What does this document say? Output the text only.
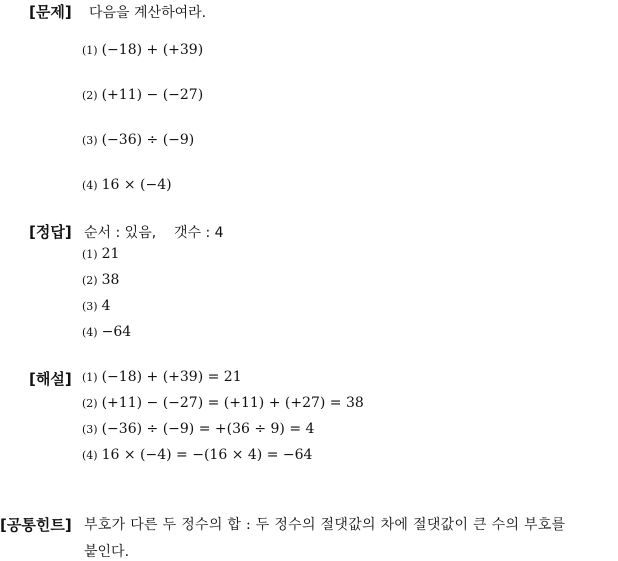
[문제] 다음을 계산하여라.
(1) (−18) + (+39)
(2) (+11) − (−27)
(3) (−36) ÷ (−9)
(4) 16 × (−4)
[정답] 순서 : 있음,    갯수 : 4
(1) 21
(2) 38
(3) 4
(4) −64
[해설] (1) (−18) + (+39) = 21
(2) (+11) − (−27) = (+11) + (+27) = 38
(3) (−36) ÷ (−9) = +(36 ÷ 9) = 4
(4) 16 × (−4) = −(16 × 4) = −64
[공통힌트] 부호가 다른 두 정수의 합 : 두 정수의 절댓값의 차에 절댓값이 큰 수의 부호를
붙인다.
